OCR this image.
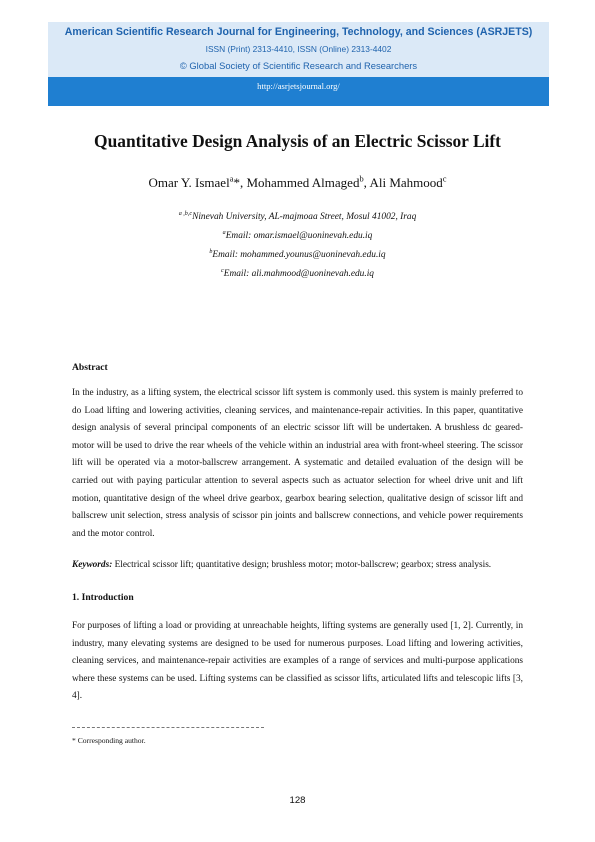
American Scientific Research Journal for Engineering, Technology, and Sciences (ASRJETS)
ISSN (Print) 2313-4410, ISSN (Online) 2313-4402
© Global Society of Scientific Research and Researchers
http://asrjetsjournal.org/
Quantitative Design Analysis of an Electric Scissor Lift
Omar Y. Ismael$^a$*, Mohammed Almaged$^b$, Ali Mahmood$^c$
$^{a ,b,c}$Ninevah University, AL-majmoaa Street, Mosul 41002, Iraq
$^a$Email: omar.ismael@uoninevah.edu.iq
$^b$Email: mohammed.younus@uoninevah.edu.iq
$^c$Email: ali.mahmood@uoninevah.edu.iq
Abstract

In the industry, as a lifting system, the electrical scissor lift system is commonly used. this system is mainly preferred to do Load lifting and lowering activities, cleaning services, and maintenance-repair activities. In this paper, quantitative design analysis of several principal components of an electric scissor lift will be undertaken. A brushless dc geared-motor will be used to drive the rear wheels of the vehicle within an industrial area with front-wheel steering. The scissor lift will be operated via a motor-ballscrew arrangement. A systematic and detailed evaluation of the design will be carried out with paying particular attention to several aspects such as actuator selection for wheel drive unit and lift motion, quantitative design of the wheel drive gearbox, gearbox bearing selection, qualitative design of scissor lift and ballscrew unit selection, stress analysis of scissor pin joints and ballscrew connections, and vehicle power requirements and the motor control.

Keywords: Electrical scissor lift; quantitative design; brushless motor; motor-ballscrew; gearbox; stress analysis.

1. Introduction

For purposes of lifting a load or providing at unreachable heights, lifting systems are generally used [1, 2]. Currently, in industry, many elevating systems are designed to be used for numerous purposes. Load lifting and lowering activities, cleaning services, and maintenance-repair activities are examples of a range of services and multi-purpose applications where these systems can be used. Lifting systems can be classified as scissor lifts, articulated lifts and telescopic lifts [3, 4].

* Corresponding author.
128
